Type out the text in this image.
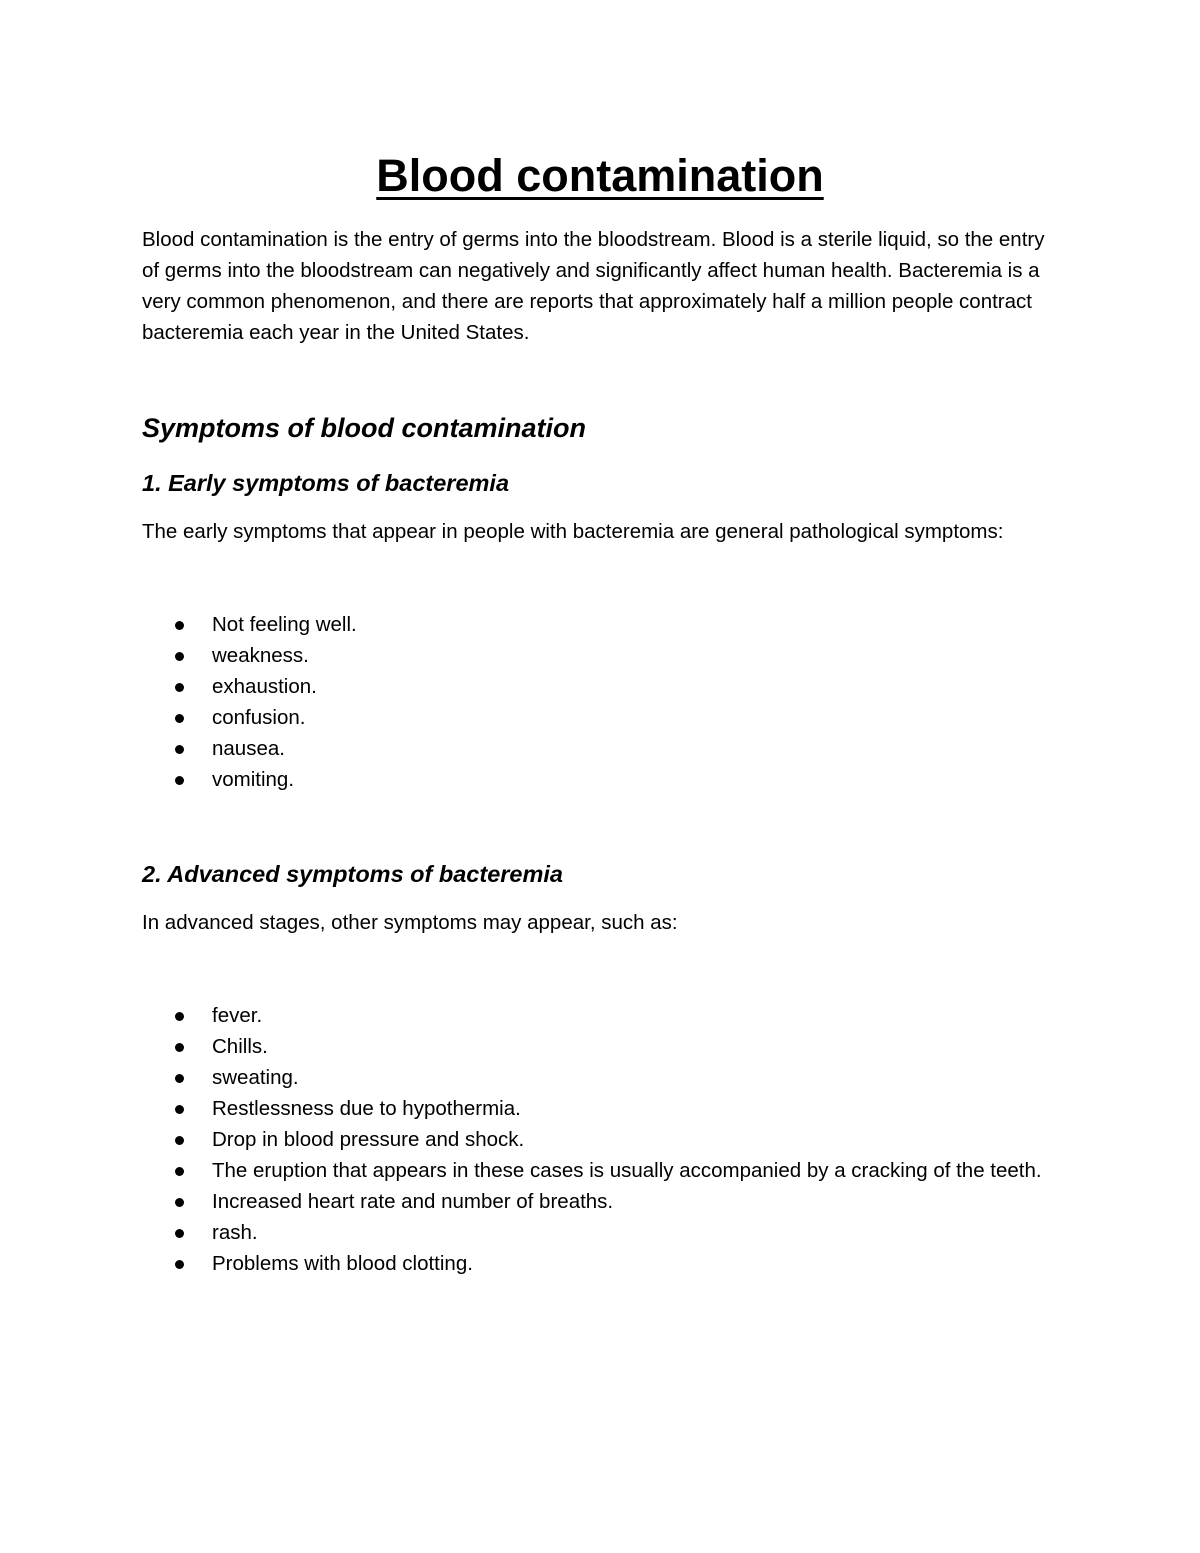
Blood contamination

Blood contamination is the entry of germs into the bloodstream. Blood is a sterile liquid, so the entry of germs into the bloodstream can negatively and significantly affect human health. Bacteremia is a very common phenomenon, and there are reports that approximately half a million people contract bacteremia each year in the United States.

Symptoms of blood contamination
1. Early symptoms of bacteremia

The early symptoms that appear in people with bacteremia are general pathological symptoms:

Not feeling well.
weakness.
exhaustion.
confusion.
nausea.
vomiting.
2. Advanced symptoms of bacteremia

In advanced stages, other symptoms may appear, such as:

fever.
Chills.
sweating.
Restlessness due to hypothermia.
Drop in blood pressure and shock.
The eruption that appears in these cases is usually accompanied by a cracking of the teeth.
Increased heart rate and number of breaths.
rash.
Problems with blood clotting.
